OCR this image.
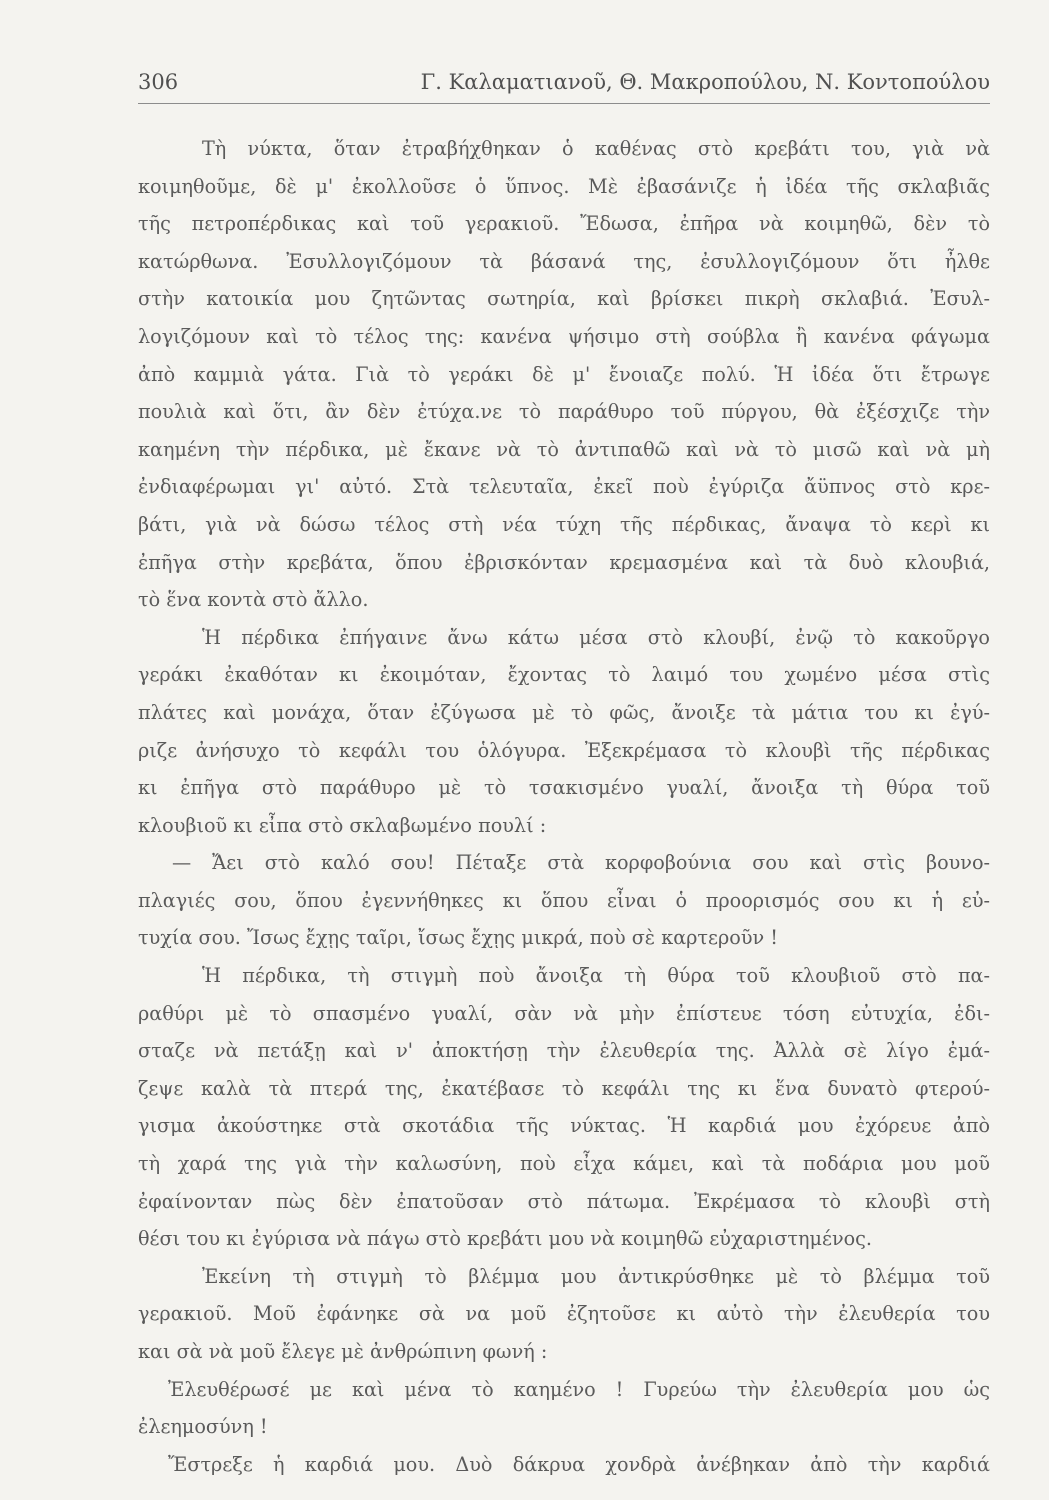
306	Γ. Καλαματιανοῦ, Θ. Μακροπούλου, Ν. Κοντοπούλου
Τὴ νύκτα, ὅταν ἐτραβήχθηκαν ὁ καθένας στὸ κρεβάτι του, γιὰ νὰ
κοιμηθοῦμε, δὲ μ' ἐκολλοῦσε ὁ ὕπνος. Μὲ ἐβασάνιζε ἡ ἰδέα τῆς σκλαβιᾶς
τῆς πετροπέρδικας καὶ τοῦ γερακιοῦ. Ἔδωσα, ἐπῆρα νὰ κοιμηθῶ, δὲν τὸ
κατώρθωνα. Ἐσυλλογιζόμουν τὰ βάσανά της, ἐσυλλογιζόμουν ὅτι ἦλθε
στὴν κατοικία μου ζητῶντας σωτηρία, καὶ βρίσκει πικρὴ σκλαβιά. Ἐσυλ-
λογιζόμουν καὶ τὸ τέλος της: κανένα ψήσιμο στὴ σούβλα ἢ κανένα φάγωμα
ἀπὸ καμμιὰ γάτα. Γιὰ τὸ γεράκι δὲ μ' ἔνοιαζε πολύ. Ἡ ἰδέα ὅτι ἔτρωγε
πουλιὰ καὶ ὅτι, ἂν δὲν ἐτύχα.νε τὸ παράθυρο τοῦ πύργου, θὰ ἐξέσχιζε τὴν
καημένη τὴν πέρδικα, μὲ ἔκανε νὰ τὸ ἀντιπαθῶ καὶ νὰ τὸ μισῶ καὶ νὰ μὴ
ἐνδιαφέρωμαι γι' αὐτό. Στὰ τελευταῖα, ἐκεῖ ποὺ ἐγύριζα ἄϋπνος στὸ κρε-
βάτι, γιὰ νὰ δώσω τέλος στὴ νέα τύχη τῆς πέρδικας, ἄναψα τὸ κερὶ κι
ἐπῆγα στὴν κρεβάτα, ὅπου ἐβρισκόνταν κρεμασμένα καὶ τὰ δυὸ κλουβιά,
τὸ ἕνα κοντὰ στὸ ἄλλο.
Ἡ πέρδικα ἐπήγαινε ἄνω κάτω μέσα στὸ κλουβί, ἐνῷ τὸ κακοῦργο
γεράκι ἐκαθόταν κι ἐκοιμόταν, ἔχοντας τὸ λαιμό του χωμένο μέσα στὶς
πλάτες καὶ μονάχα, ὅταν ἐζύγωσα μὲ τὸ φῶς, ἄνοιξε τὰ μάτια του κι ἐγύ-
ριζε ἀνήσυχο τὸ κεφάλι του ὁλόγυρα. Ἐξεκρέμασα τὸ κλουβὶ τῆς πέρδικας
κι ἐπῆγα στὸ παράθυρο μὲ τὸ τσακισμένο γυαλί, ἄνοιξα τὴ θύρα τοῦ
κλουβιοῦ κι εἶπα στὸ σκλαβωμένο πουλί :
— Ἄει στὸ καλό σου! Πέταξε στὰ κορφοβούνια σου καὶ στὶς βουνο-
πλαγιές σου, ὅπου ἐγεννήθηκες κι ὅπου εἶναι ὁ προορισμός σου κι ἡ εὐ-
τυχία σου. Ἴσως ἔχῃς ταῖρι, ἴσως ἔχῃς μικρά, ποὺ σὲ καρτεροῦν !
Ἡ πέρδικα, τὴ στιγμὴ ποὺ ἄνοιξα τὴ θύρα τοῦ κλουβιοῦ στὸ πα-
ραθύρι μὲ τὸ σπασμένο γυαλί, σὰν νὰ μὴν ἐπίστευε τόση εὐτυχία, ἐδι-
σταζε νὰ πετάξῃ καὶ ν' ἀποκτήσῃ τὴν ἐλευθερία της. Ἀλλὰ σὲ λίγο ἐμά-
ζεψε καλὰ τὰ πτερά της, ἐκατέβασε τὸ κεφάλι της κι ἕνα δυνατὸ φτερού-
γισμα ἀκούστηκε στὰ σκοτάδια τῆς νύκτας. Ἡ καρδιά μου ἐχόρευε ἀπὸ
τὴ χαρά της γιὰ τὴν καλωσύνη, ποὺ εἶχα κάμει, καὶ τὰ ποδάρια μου μοῦ
ἐφαίνονταν πὼς δὲν ἐπατοῦσαν στὸ πάτωμα. Ἐκρέμασα τὸ κλουβὶ στὴ
θέσι του κι ἐγύρισα νὰ πάγω στὸ κρεβάτι μου νὰ κοιμηθῶ εὐχαριστημένος.
Ἐκείνη τὴ στιγμὴ τὸ βλέμμα μου ἀντικρύσθηκε μὲ τὸ βλέμμα τοῦ
γερακιοῦ. Μοῦ ἐφάνηκε σὰ να μοῦ ἐζητοῦσε κι αὐτὸ τὴν ἐλευθερία του
και σὰ νὰ μοῦ ἔλεγε μὲ ἀνθρώπινη φωνή :
Ἐλευθέρωσέ με καὶ μένα τὸ καημένο ! Γυρεύω τὴν ἐλευθερία μου ὡς
ἐλεημοσύνη !
Ἔστρεξε ἡ καρδιά μου. Δυὸ δάκρυα χονδρὰ ἀνέβηκαν ἀπὸ τὴν καρδιά
